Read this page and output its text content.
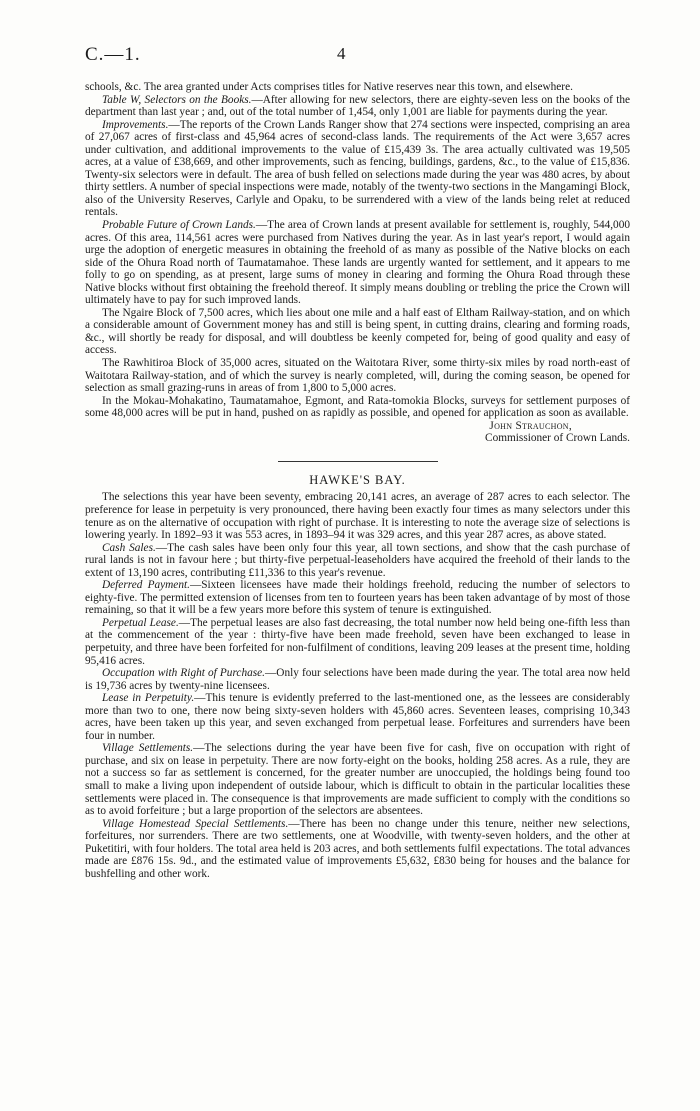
C.—1.	4

schools, &c. The area granted under Acts comprises titles for Native reserves near this town, and elsewhere.

Table W, Selectors on the Books.—After allowing for new selectors, there are eighty-seven less on the books of the department than last year ; and, out of the total number of 1,454, only 1,001 are liable for payments during the year.

Improvements.—The reports of the Crown Lands Ranger show that 274 sections were inspected, comprising an area of 27,067 acres of first-class and 45,964 acres of second-class lands. The requirements of the Act were 3,657 acres under cultivation, and additional improvements to the value of £15,439 3s. The area actually cultivated was 19,505 acres, at a value of £38,669, and other improvements, such as fencing, buildings, gardens, &c., to the value of £15,836. Twenty-six selectors were in default. The area of bush felled on selections made during the year was 480 acres, by about thirty settlers. A number of special inspections were made, notably of the twenty-two sections in the Mangamingi Block, also of the University Reserves, Carlyle and Opaku, to be surrendered with a view of the lands being relet at reduced rentals.

Probable Future of Crown Lands.—The area of Crown lands at present available for settlement is, roughly, 544,000 acres. Of this area, 114,561 acres were purchased from Natives during the year. As in last year's report, I would again urge the adoption of energetic measures in obtaining the freehold of as many as possible of the Native blocks on each side of the Ohura Road north of Taumatamahoe. These lands are urgently wanted for settlement, and it appears to me folly to go on spending, as at present, large sums of money in clearing and forming the Ohura Road through these Native blocks without first obtaining the freehold thereof. It simply means doubling or trebling the price the Crown will ultimately have to pay for such improved lands.

The Ngaire Block of 7,500 acres, which lies about one mile and a half east of Eltham Railway-station, and on which a considerable amount of Government money has and still is being spent, in cutting drains, clearing and forming roads, &c., will shortly be ready for disposal, and will doubtless be keenly competed for, being of good quality and easy of access.

The Rawhitiroa Block of 35,000 acres, situated on the Waitotara River, some thirty-six miles by road north-east of Waitotara Railway-station, and of which the survey is nearly completed, will, during the coming season, be opened for selection as small grazing-runs in areas of from 1,800 to 5,000 acres.

In the Mokau-Mohakatino, Taumatamahoe, Egmont, and Rata-tomokia Blocks, surveys for settlement purposes of some 48,000 acres will be put in hand, pushed on as rapidly as possible, and opened for application as soon as available.

John Strauchon,

Commissioner of Crown Lands.

HAWKE'S BAY.

The selections this year have been seventy, embracing 20,141 acres, an average of 287 acres to each selector. The preference for lease in perpetuity is very pronounced, there having been exactly four times as many selectors under this tenure as on the alternative of occupation with right of purchase. It is interesting to note the average size of selections is lowering yearly. In 1892–93 it was 553 acres, in 1893–94 it was 329 acres, and this year 287 acres, as above stated.

Cash Sales.—The cash sales have been only four this year, all town sections, and show that the cash purchase of rural lands is not in favour here ; but thirty-five perpetual-leaseholders have acquired the freehold of their lands to the extent of 13,190 acres, contributing £11,336 to this year's revenue.

Deferred Payment.—Sixteen licensees have made their holdings freehold, reducing the number of selectors to eighty-five. The permitted extension of licenses from ten to fourteen years has been taken advantage of by most of those remaining, so that it will be a few years more before this system of tenure is extinguished.

Perpetual Lease.—The perpetual leases are also fast decreasing, the total number now held being one-fifth less than at the commencement of the year : thirty-five have been made freehold, seven have been exchanged to lease in perpetuity, and three have been forfeited for non-fulfilment of conditions, leaving 209 leases at the present time, holding 95,416 acres.

Occupation with Right of Purchase.—Only four selections have been made during the year. The total area now held is 19,736 acres by twenty-nine licensees.

Lease in Perpetuity.—This tenure is evidently preferred to the last-mentioned one, as the lessees are considerably more than two to one, there now being sixty-seven holders with 45,860 acres. Seventeen leases, comprising 10,343 acres, have been taken up this year, and seven exchanged from perpetual lease. Forfeitures and surrenders have been four in number.

Village Settlements.—The selections during the year have been five for cash, five on occupation with right of purchase, and six on lease in perpetuity. There are now forty-eight on the books, holding 258 acres. As a rule, they are not a success so far as settlement is concerned, for the greater number are unoccupied, the holdings being found too small to make a living upon independent of outside labour, which is difficult to obtain in the particular localities these settlements were placed in. The consequence is that improvements are made sufficient to comply with the conditions so as to avoid forfeiture ; but a large proportion of the selectors are absentees.

Village Homestead Special Settlements.—There has been no change under this tenure, neither new selections, forfeitures, nor surrenders. There are two settlements, one at Woodville, with twenty-seven holders, and the other at Puketitiri, with four holders. The total area held is 203 acres, and both settlements fulfil expectations. The total advances made are £876 15s. 9d., and the estimated value of improvements £5,632, £830 being for houses and the balance for bushfelling and other work.
